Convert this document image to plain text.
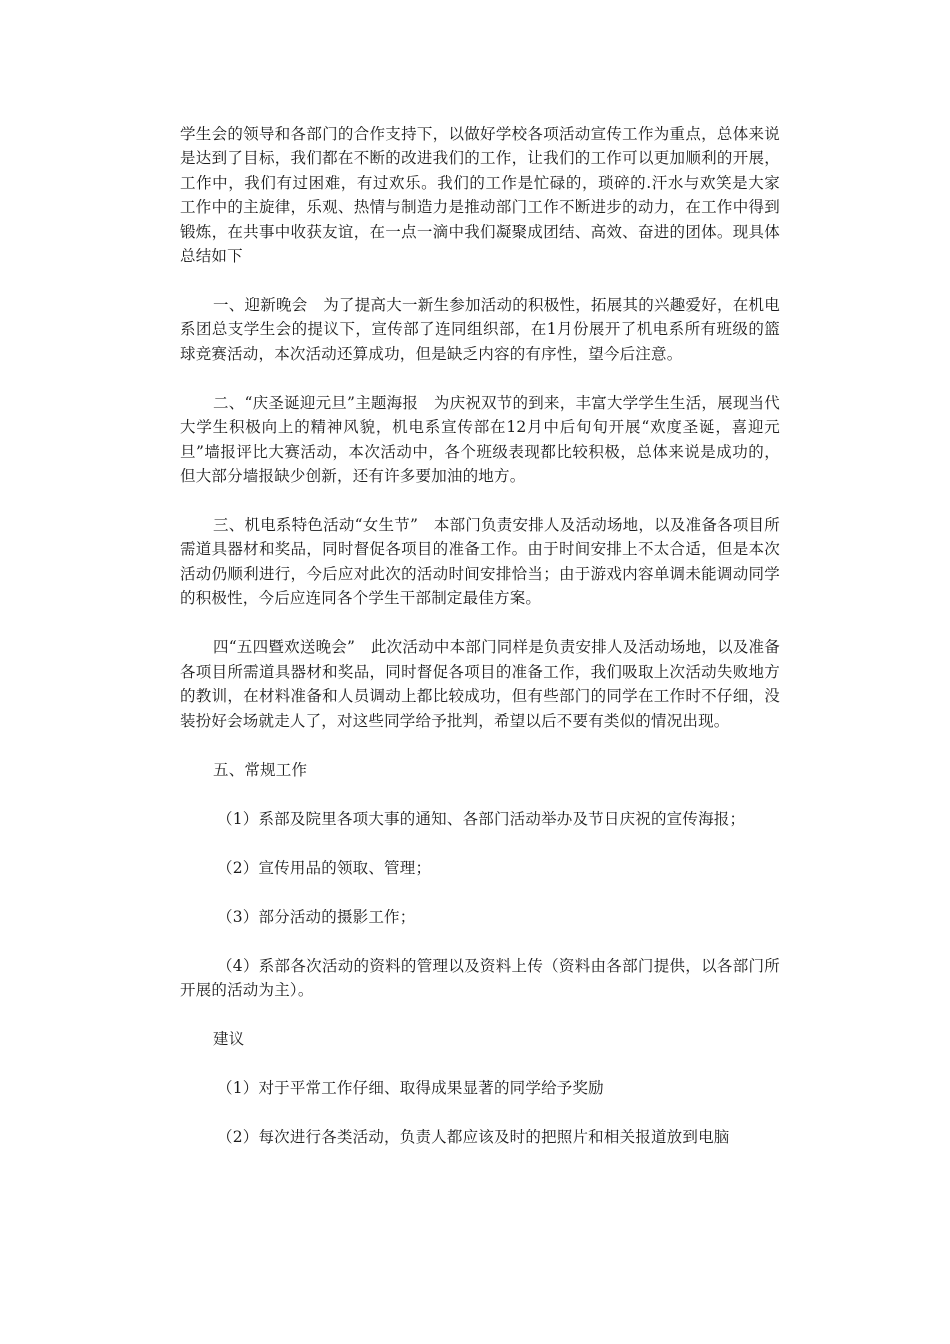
学生会的领导和各部门的合作支持下，以做好学校各项活动宣传工作为重点，总体来说是达到了目标，我们都在不断的改进我们的工作，让我们的工作可以更加顺利的开展，工作中，我们有过困难，有过欢乐。我们的工作是忙碌的，琐碎的.汗水与欢笑是大家工作中的主旋律，乐观、热情与制造力是推动部门工作不断进步的动力，在工作中得到锻炼，在共事中收获友谊，在一点一滴中我们凝聚成团结、高效、奋进的团体。现具体总结如下

一、迎新晚会　为了提高大一新生参加活动的积极性，拓展其的兴趣爱好，在机电系团总支学生会的提议下，宣传部了连同组织部，在1月份展开了机电系所有班级的篮球竞赛活动，本次活动还算成功，但是缺乏内容的有序性，望今后注意。

二、“庆圣诞迎元旦”主题海报　为庆祝双节的到来，丰富大学学生生活，展现当代大学生积极向上的精神风貌，机电系宣传部在12月中后旬旬开展“欢度圣诞，喜迎元旦”墙报评比大赛活动，本次活动中，各个班级表现都比较积极，总体来说是成功的，但大部分墙报缺少创新，还有许多要加油的地方。

三、机电系特色活动“女生节”　本部门负责安排人及活动场地，以及准备各项目所需道具器材和奖品，同时督促各项目的准备工作。由于时间安排上不太合适，但是本次活动仍顺利进行，今后应对此次的活动时间安排恰当；由于游戏内容单调未能调动同学的积极性，今后应连同各个学生干部制定最佳方案。

四“五四暨欢送晚会”　此次活动中本部门同样是负责安排人及活动场地，以及准备各项目所需道具器材和奖品，同时督促各项目的准备工作，我们吸取上次活动失败地方的教训，在材料准备和人员调动上都比较成功，但有些部门的同学在工作时不仔细，没装扮好会场就走人了，对这些同学给予批判，希望以后不要有类似的情况出现。

五、常规工作

（1）系部及院里各项大事的通知、各部门活动举办及节日庆祝的宣传海报；

（2）宣传用品的领取、管理；

（3）部分活动的摄影工作；

（4）系部各次活动的资料的管理以及资料上传（资料由各部门提供，以各部门所开展的活动为主）。

建议

（1）对于平常工作仔细、取得成果显著的同学给予奖励

（2）每次进行各类活动，负责人都应该及时的把照片和相关报道放到电脑
